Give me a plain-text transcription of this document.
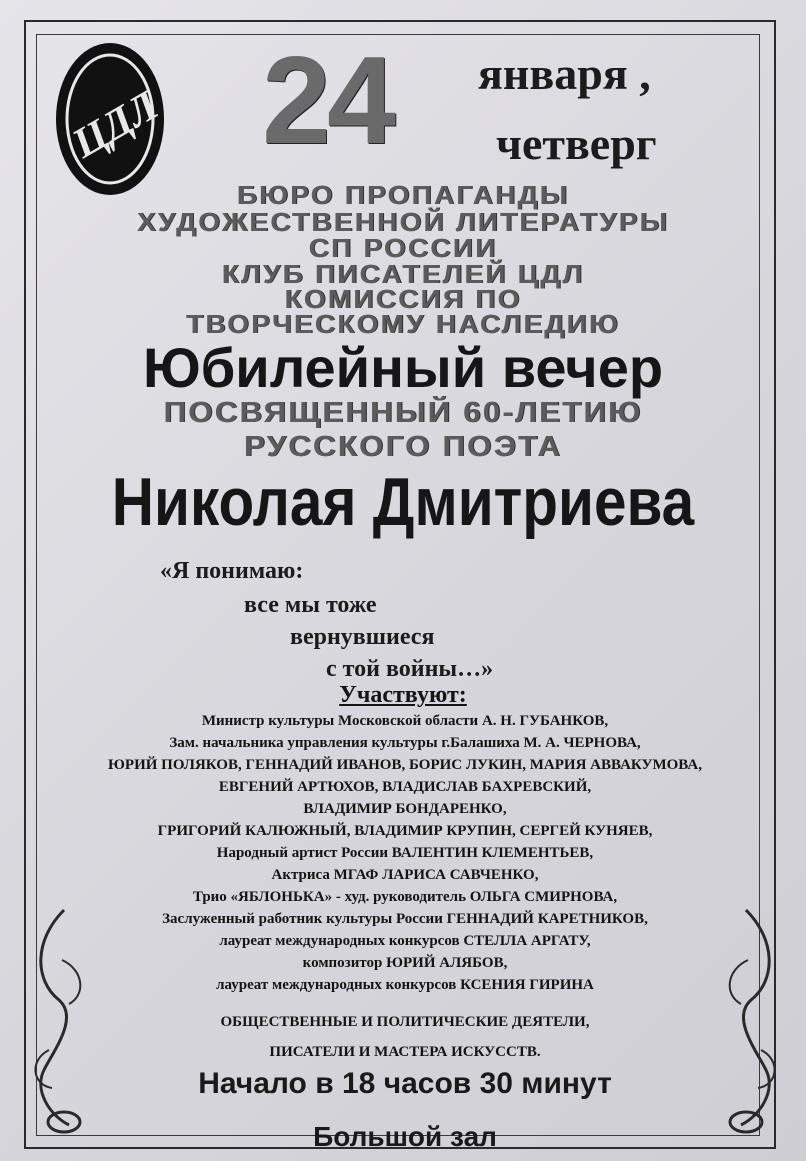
ЦДЛ 24 января ,
четверг
БЮРО ПРОПАГАНДЫ
ХУДОЖЕСТВЕННОЙ ЛИТЕРАТУРЫ
СП РОССИИ
КЛУБ ПИСАТЕЛЕЙ ЦДЛ
КОМИССИЯ ПО
ТВОРЧЕСКОМУ НАСЛЕДИЮ
Юбилейный вечер
ПОСВЯЩЕННЫЙ 60-ЛЕТИЮ
РУССКОГО ПОЭТА
Николая Дмитриева
«Я понимаю:
все мы тоже
вернувшиеся
с той войны…»
Участвуют:
Министр культуры Московской области А. Н. ГУБАНКОВ,
Зам. начальника управления культуры г.Балашиха М. А. ЧЕРНОВА,
ЮРИЙ ПОЛЯКОВ, ГЕННАДИЙ ИВАНОВ, БОРИС ЛУКИН, МАРИЯ АВВАКУМОВА,
ЕВГЕНИЙ АРТЮХОВ, ВЛАДИСЛАВ БАХРЕВСКИЙ,
ВЛАДИМИР БОНДАРЕНКО,
ГРИГОРИЙ КАЛЮЖНЫЙ, ВЛАДИМИР КРУПИН, СЕРГЕЙ КУНЯЕВ,
Народный артист России ВАЛЕНТИН КЛЕМЕНТЬЕВ,
Актриса МГАФ ЛАРИСА САВЧЕНКО,
Трио «ЯБЛОНЬКА» - худ. руководитель ОЛЬГА СМИРНОВА,
Заслуженный работник культуры России ГЕННАДИЙ КАРЕТНИКОВ,
лауреат международных конкурсов СТЕЛЛА АРГАТУ,
композитор ЮРИЙ АЛЯБОВ,
лауреат международных конкурсов КСЕНИЯ ГИРИНА
ОБЩЕСТВЕННЫЕ И ПОЛИТИЧЕСКИЕ ДЕЯТЕЛИ,
ПИСАТЕЛИ И МАСТЕРА ИСКУССТВ.
Начало в 18 часов 30 минут
Большой зал
